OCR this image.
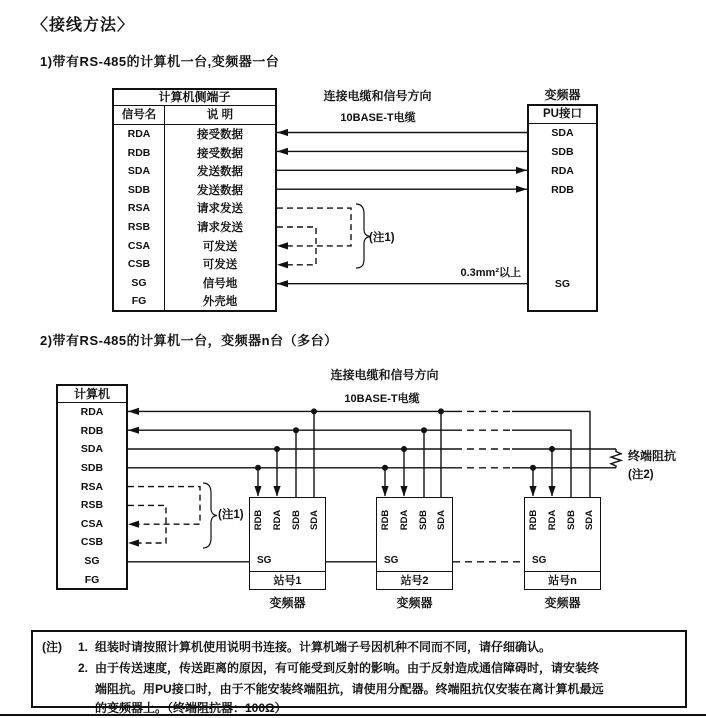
〈接线方法〉
1)带有RS-485的计算机一台,变频器一台
2)带有RS-485的计算机一台，变频器n台（多台）
连接电缆和信号方向
10BASE-T电缆
0.3mm²以上
(注1)
计算机侧端子
信号名	说 明
RDA	接受数据
RDB	接受数据
SDA	发送数据
SDB	发送数据
RSA	请求发送
RSB	请求发送
CSA	可发送
CSB	可发送
SG	信号地
FG	外壳地
变频器
PU接口
SDA
SDB
RDA
RDB
SG
连接电缆和信号方向
10BASE-T电缆
(注1)
终端阻抗
(注2)
计算机
RDA
RDB
SDA
SDB
RSA
RSB
CSA
CSB
SG
FG
RDB RDA SDB SDA
SG
站号1
变频器
RDB RDA SDB SDA
SG
站号2
变频器
RDB RDA SDB SDA
SG
站号n
变频器
(注) 1. 组装时请按照计算机使用说明书连接。计算机端子号因机种不同而不同，请仔细确认。
2. 由于传送速度，传送距离的原因，有可能受到反射的影响。由于反射造成通信障碍时，请安装终
端阻抗。用PU接口时，由于不能安装终端阻抗，请使用分配器。终端阻抗仅安装在离计算机最远
的变频器上。（终端阻抗器：100Ω）
